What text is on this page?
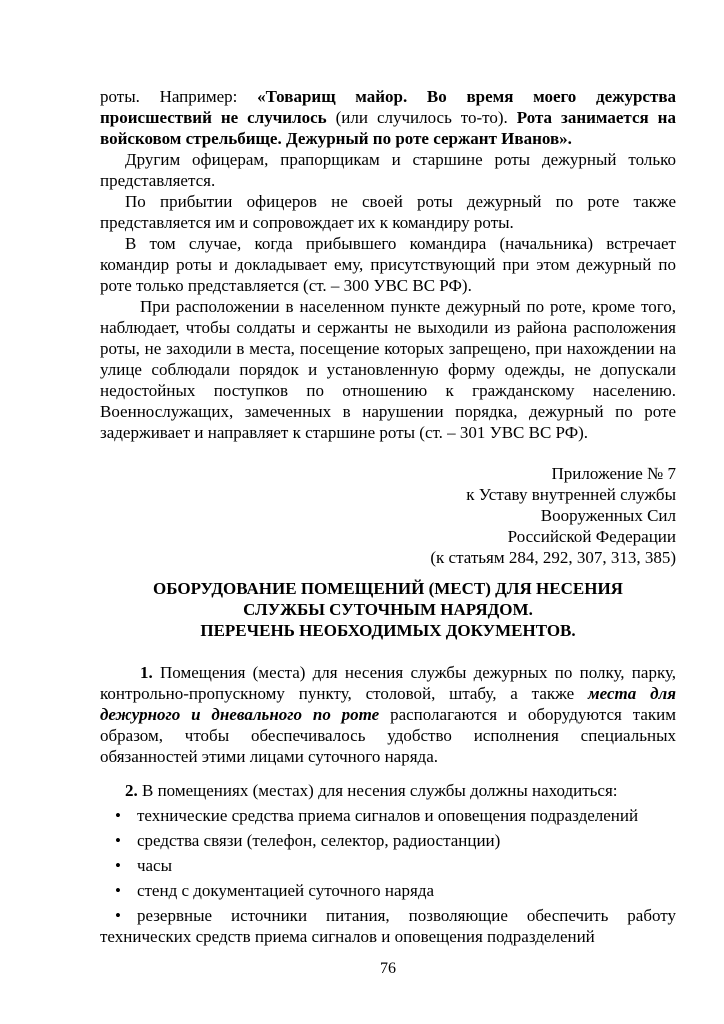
роты. Например: «Товарищ майор. Во время моего дежурства происшествий не случилось (или случилось то-то). Рота занимается на войсковом стрельбище. Дежурный по роте сержант Иванов».

Другим офицерам, прапорщикам и старшине роты дежурный только представляется.

По прибытии офицеров не своей роты дежурный по роте также представляется им и сопровождает их к командиру роты.

В том случае, когда прибывшего командира (начальника) встречает командир роты и докладывает ему, присутствующий при этом дежурный по роте только представляется (ст. – 300 УВС ВС РФ).

При расположении в населенном пункте дежурный по роте, кроме того, наблюдает, чтобы солдаты и сержанты не выходили из района расположения роты, не заходили в места, посещение которых запрещено, при нахождении на улице соблюдали порядок и установленную форму одежды, не допускали недостойных поступков по отношению к гражданскому населению. Военнослужащих, замеченных в нарушении порядка, дежурный по роте задерживает и направляет к старшине роты (ст. – 301 УВС ВС РФ).

Приложение № 7
к Уставу внутренней службы
Вооруженных Сил
Российской Федерации
(к статьям 284, 292, 307, 313, 385)
ОБОРУДОВАНИЕ ПОМЕЩЕНИЙ (МЕСТ) ДЛЯ НЕСЕНИЯ
СЛУЖБЫ СУТОЧНЫМ НАРЯДОМ.
ПЕРЕЧЕНЬ НЕОБХОДИМЫХ ДОКУМЕНТОВ.

1. Помещения (места) для несения службы дежурных по полку, парку, контрольно-пропускному пункту, столовой, штабу, а также места для дежурного и дневального по роте располагаются и оборудуются таким образом, чтобы обеспечивалось удобство исполнения специальных обязанностей этими лицами суточного наряда.

2. В помещениях (местах) для несения службы должны находиться:

• технические средства приема сигналов и оповещения подразделений

• средства связи (телефон, селектор, радиостанции)

• часы

• стенд с документацией суточного наряда

• резервные источники питания, позволяющие обеспечить работу технических средств приема сигналов и оповещения подразделений

76
